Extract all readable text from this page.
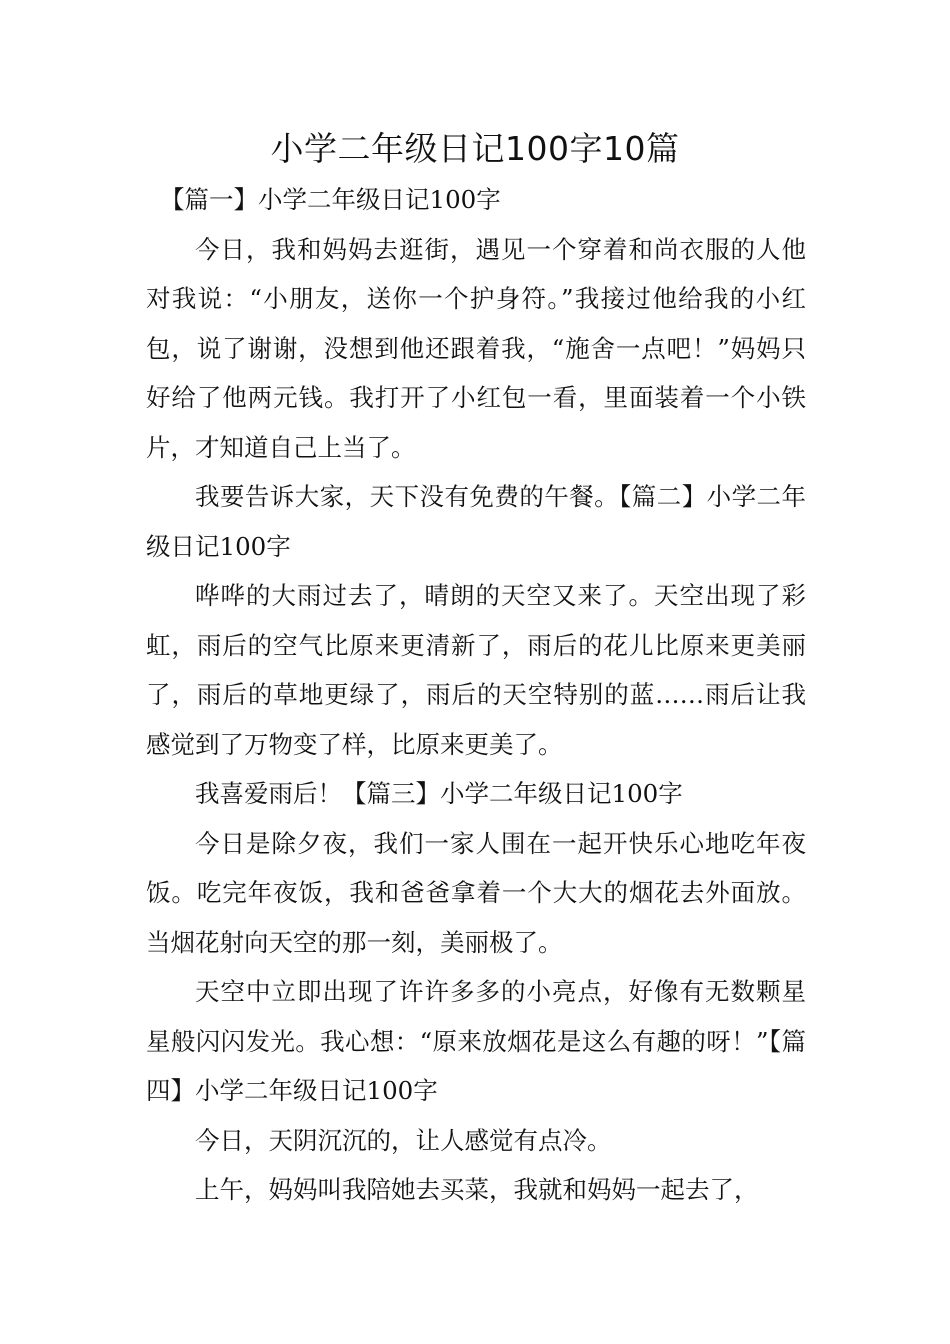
小学二年级日记100字10篇

【篇一】小学二年级日记100字

今日，我和妈妈去逛街，遇见一个穿着和尚衣服的人他对我说：“小朋友，送你一个护身符。”我接过他给我的小红包，说了谢谢，没想到他还跟着我，“施舍一点吧！”妈妈只好给了他两元钱。我打开了小红包一看，里面装着一个小铁片，才知道自己上当了。

我要告诉大家，天下没有免费的午餐。【篇二】小学二年级日记100字

哗哗的大雨过去了，晴朗的天空又来了。天空出现了彩虹，雨后的空气比原来更清新了，雨后的花儿比原来更美丽了，雨后的草地更绿了，雨后的天空特别的蓝……雨后让我感觉到了万物变了样，比原来更美了。

我喜爱雨后！【篇三】小学二年级日记100字

今日是除夕夜，我们一家人围在一起开快乐心地吃年夜饭。吃完年夜饭，我和爸爸拿着一个大大的烟花去外面放。当烟花射向天空的那一刻，美丽极了。

天空中立即出现了许许多多的小亮点，好像有无数颗星星般闪闪发光。我心想：“原来放烟花是这么有趣的呀！”【篇四】小学二年级日记100字

今日，天阴沉沉的，让人感觉有点冷。

上午，妈妈叫我陪她去买菜，我就和妈妈一起去了，
